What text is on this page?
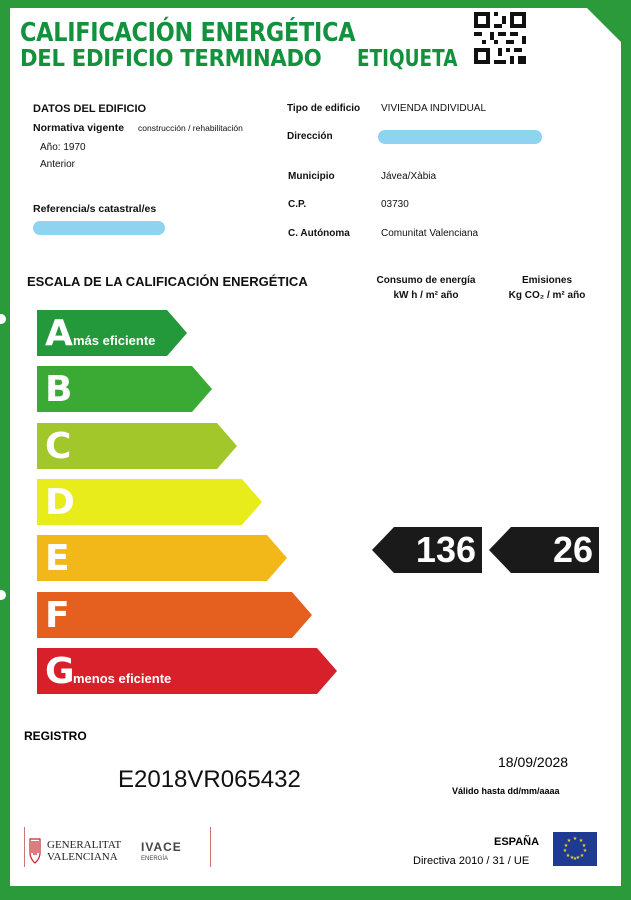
CALIFICACIÓN ENERGÉTICA
DEL EDIFICIO TERMINADO ETIQUETA
DATOS DEL EDIFICIO
Normativa vigente construcción / rehabilitación
Año: 1970
Anterior
Referencia/s catastral/es
Tipo de edificio VIVIENDA INDIVIDUAL
Dirección
Municipio	Jávea/Xàbia
C.P.	03730
C. Autónoma	Comunitat Valenciana
ESCALA DE LA CALIFICACIÓN ENERGÉTICA	Consumo de energía
kW h / m² año
Emisiones
Kg CO₂ / m² año
A más eficiente
B
C
D
E
F
G
menos eficiente
136 26
REGISTRO
E2018VR065432
18/09/2028
Válido hasta dd/mm/aaaa
GENERALITAT
VALENCIANA
IVACE
ENERGÍA
ESPAÑA
Directiva 2010 / 31 / UE
★ ★
★
★
★
★
★
★
★
★
★
★
